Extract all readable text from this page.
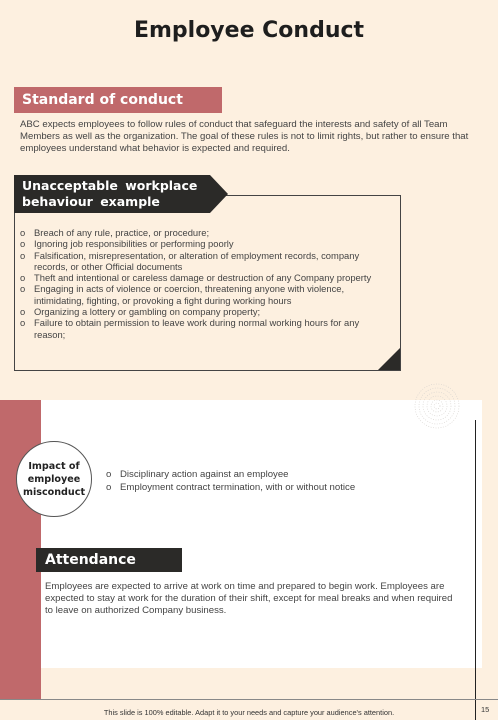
Employee Conduct
Standard of conduct
ABC expects employees to follow rules of conduct that safeguard the interests and safety of all Team Members as well as the organization. The goal of these rules is not to limit rights, but rather to ensure that employees understand what behavior is expected and required.
Unacceptable workplace behaviour example
o Breach of any rule, practice, or procedure;
o Ignoring job responsibilities or performing poorly
o Falsification, misrepresentation, or alteration of employment records, company records, or other Official documents
o Theft and intentional or careless damage or destruction of any Company property
o Engaging in acts of violence or coercion, threatening anyone with violence, intimidating, fighting, or provoking a fight during working hours
o Organizing a lottery or gambling on company property;
o Failure to obtain permission to leave work during normal working hours for any reason;
Impact of employee misconduct
o Disciplinary action against an employee
o Employment contract termination, with or without notice
Attendance
Employees are expected to arrive at work on time and prepared to begin work. Employees are expected to stay at work for the duration of their shift, except for meal breaks and when required to leave on authorized Company business.
This slide is 100% editable. Adapt it to your needs and capture your audience's attention.	15
